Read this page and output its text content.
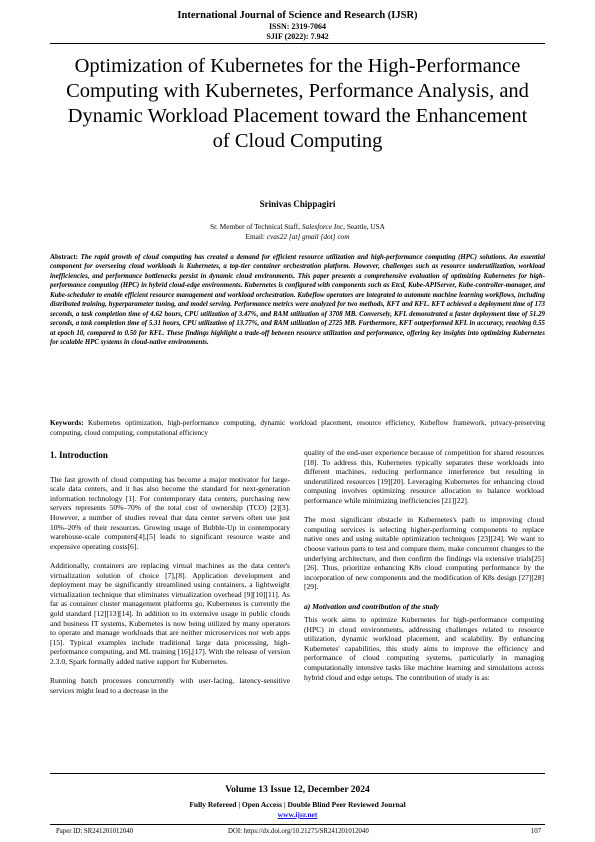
International Journal of Science and Research (IJSR)
ISSN: 2319-7064
SJIF (2022): 7.942
Optimization of Kubernetes for the High-Performance Computing with Kubernetes, Performance Analysis, and Dynamic Workload Placement toward the Enhancement of Cloud Computing
Srinivas Chippagiri
Sr. Member of Technical Staff, Salesforce Inc, Seattle, USA
Email: cvas22 [at] gmail [dot] com
Abstract: The rapid growth of cloud computing has created a demand for efficient resource utilization and high-performance computing (HPC) solutions. An essential component for overseeing cloud workloads is Kubernetes, a top-tier container orchestration platform. However, challenges such as resource underutilization, workload inefficiencies, and performance bottlenecks persist in dynamic cloud environments. This paper presents a comprehensive evaluation of optimizing Kubernetes for high-performance computing (HPC) in hybrid cloud-edge environments. Kubernetes is configured with components such as Etcd, Kube-APIServer, Kube-controller-manager, and Kube-scheduler to enable efficient resource management and workload orchestration. Kubeflow operators are integrated to automate machine learning workflows, including distributed training, hyperparameter tuning, and model serving. Performance metrics were analyzed for two methods, KFT and KFL. KFT achieved a deployment time of 173 seconds, a task completion time of 4.62 hours, CPU utilization of 3.47%, and RAM utilization of 3708 MB. Conversely, KFL demonstrated a faster deployment time of 51.29 seconds, a task completion time of 5.31 hours, CPU utilization of 13.77%, and RAM utilization of 2725 MB. Furthermore, KFT outperformed KFL in accuracy, reaching 0.55 at epoch 10, compared to 0.50 for KFL. These findings highlight a trade-off between resource utilization and performance, offering key insights into optimizing Kubernetes for scalable HPC systems in cloud-native environments.
Keywords: Kubernetes optimization, high-performance computing, dynamic workload placement, resource efficiency, Kubeflow framework, privacy-preserving computing, cloud computing, computational efficiency
1. Introduction

The fast growth of cloud computing has become a major motivator for large-scale data centers, and it has also become the standard for next-generation information technology [1]. For contemporary data centers, purchasing new servers represents 50%–70% of the total cost of ownership (TCO) [2][3]. However, a number of studies reveal that data center servers often use just 10%–20% of their resources. Growing usage of Bubble-Up in contemporary warehouse-scale computers[4],[5] leads to significant resource waste and expensive operating costs[6].

Additionally, containers are replacing virtual machines as the data center's virtualization solution of choice [7],[8]. Application development and deployment may be significantly streamlined using containers, a lightweight virtualization technique that eliminates virtualization overhead [9][10][11]. As far as container cluster management platforms go, Kubernetes is currently the gold standard [12][13][14]. In addition to its extensive usage in public clouds and business IT systems, Kubernetes is now being utilized by many operators to operate and manage workloads that are neither microservices nor web apps [15]. Typical examples include traditional large data processing, high-performance computing, and ML training [16],[17]. With the release of version 2.3.0, Spark formally added native support for Kubernetes.

Running batch processes concurrently with user-facing, latency-sensitive services might lead to a decrease in the

quality of the end-user experience because of competition for shared resources [18]. To address this, Kubernetes typically separates these workloads into different machines, reducing performance interference but resulting in underutilized resources [19][20]. Leveraging Kubernetes for enhancing cloud computing involves optimizing resource allocation to balance workload performance while minimizing inefficiencies [21][22].

The most significant obstacle in Kubernetes's path to improving cloud computing services is selecting higher-performing components to replace native ones and using suitable optimization techniques [23][24]. We want to choose various parts to test and compare them, make concurrent changes to the underlying architecture, and then confirm the findings via extensive trials[25][26]. Thus, prioritize enhancing K8s cloud computing performance by the incorporation of new components and the modification of K8s design [27][28][29].

a) Motivation and contribution of the study

This work aims to optimize Kubernetes for high-performance computing (HPC) in cloud environments, addressing challenges related to resource utilization, dynamic workload placement, and scalability. By enhancing Kubernetes' capabilities, this study aims to improve the efficiency and performance of cloud computing systems, particularly in managing computationally intensive tasks like machine learning and simulations across hybrid cloud and edge setups. The contribution of study is as:

Volume 13 Issue 12, December 2024
Fully Refereed | Open Access | Double Blind Peer Reviewed Journal
www.ijsr.net
Paper ID: SR241201012040	DOI: https://dx.doi.org/10.21275/SR241201012040	107
